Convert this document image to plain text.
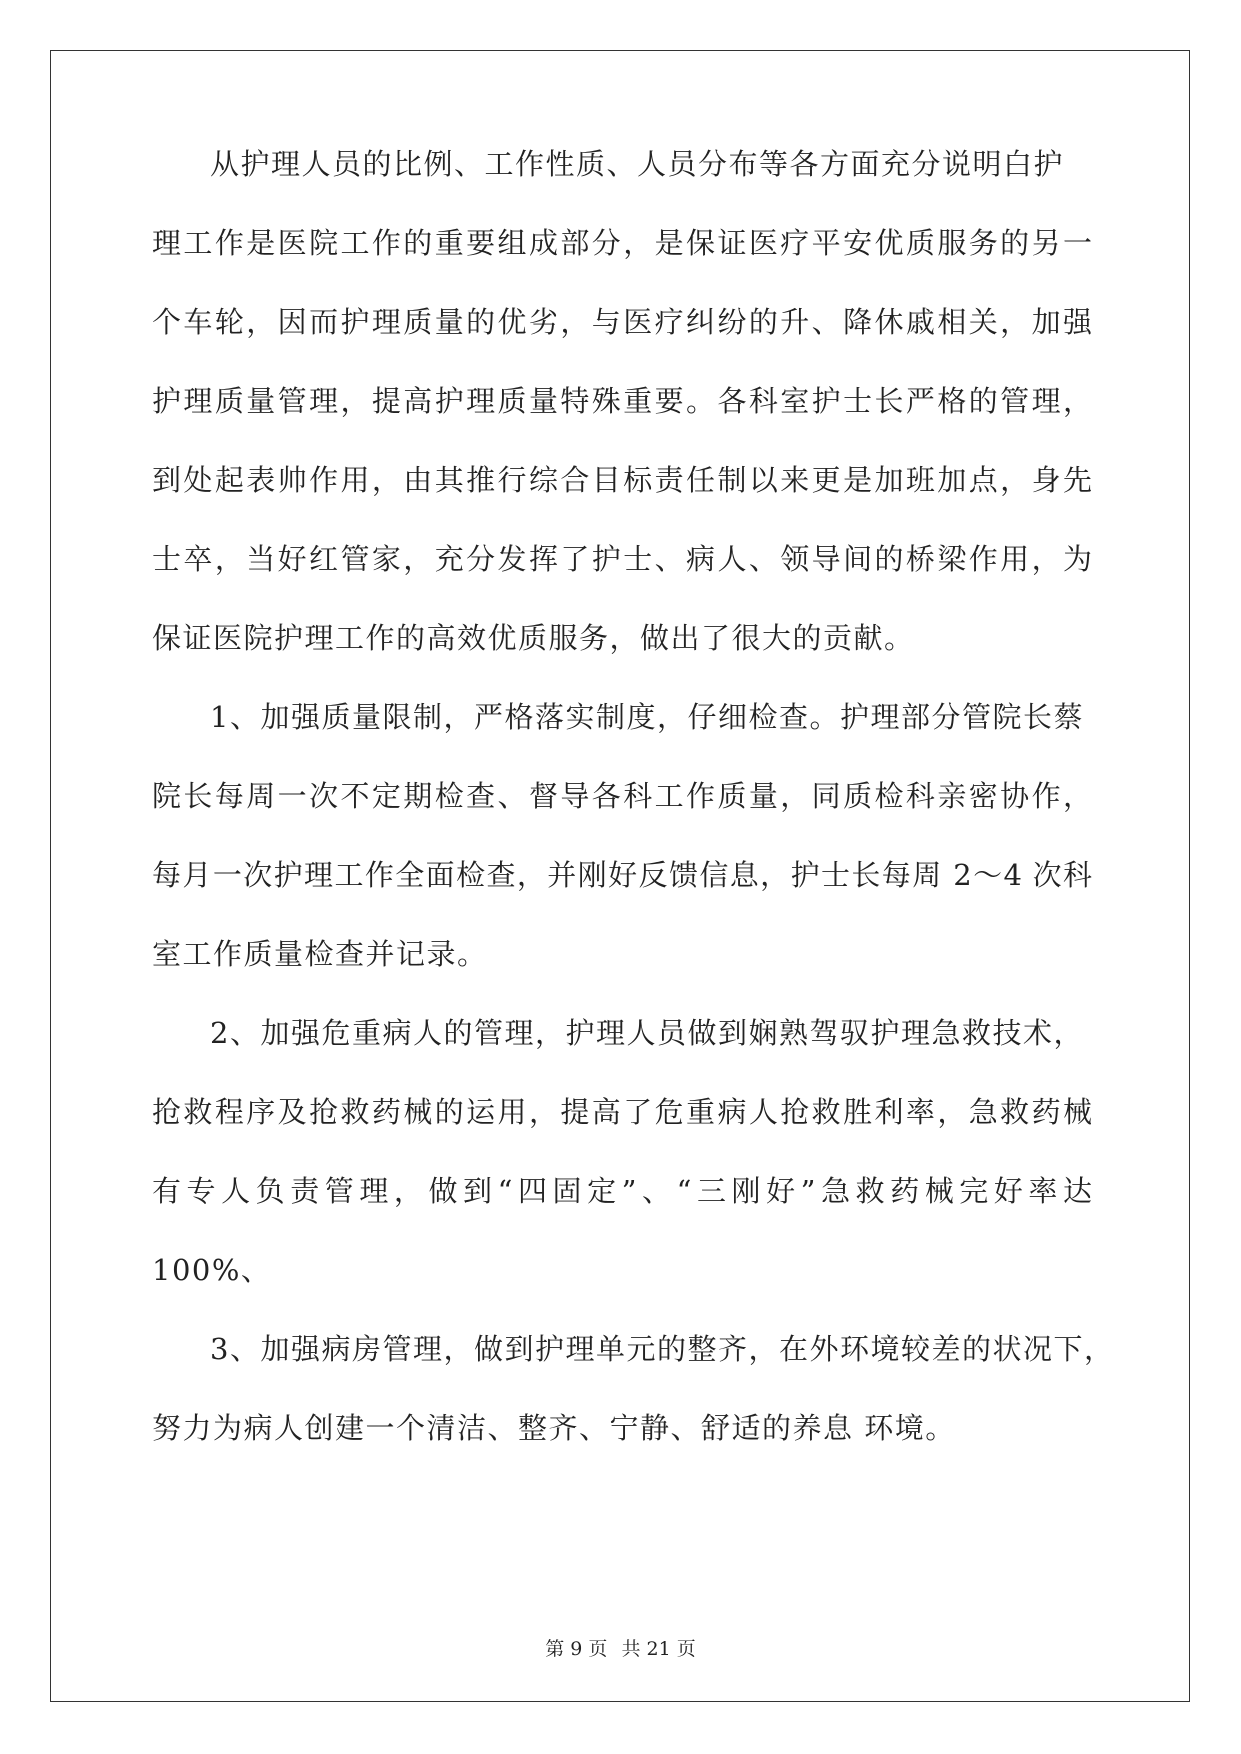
从护理人员的比例、工作性质、人员分布等各方面充分说明白护
理工作是医院工作的重要组成部分，是保证医疗平安优质服务的另一
个车轮，因而护理质量的优劣，与医疗纠纷的升、降休戚相关，加强
护理质量管理，提高护理质量特殊重要。各科室护士长严格的管理，
到处起表帅作用，由其推行综合目标责任制以来更是加班加点，身先
士卒，当好红管家，充分发挥了护士、病人、领导间的桥梁作用，为
保证医院护理工作的高效优质服务，做出了很大的贡献。
1、加强质量限制，严格落实制度，仔细检查。护理部分管院长蔡
院长每周一次不定期检查、督导各科工作质量，同质检科亲密协作，
每月一次护理工作全面检查，并刚好反馈信息，护士长每周 2～4 次科
室工作质量检查并记录。
2、加强危重病人的管理，护理人员做到娴熟驾驭护理急救技术，
抢救程序及抢救药械的运用，提高了危重病人抢救胜利率，急救药械
有专人负责管理，做到“四固定”、“三刚好”急救药械完好率达
100%、
3、加强病房管理，做到护理单元的整齐，在外环境较差的状况下，
努力为病人创建一个清洁、整齐、宁静、舒适的养息 环境。
第 9 页 共 21 页
